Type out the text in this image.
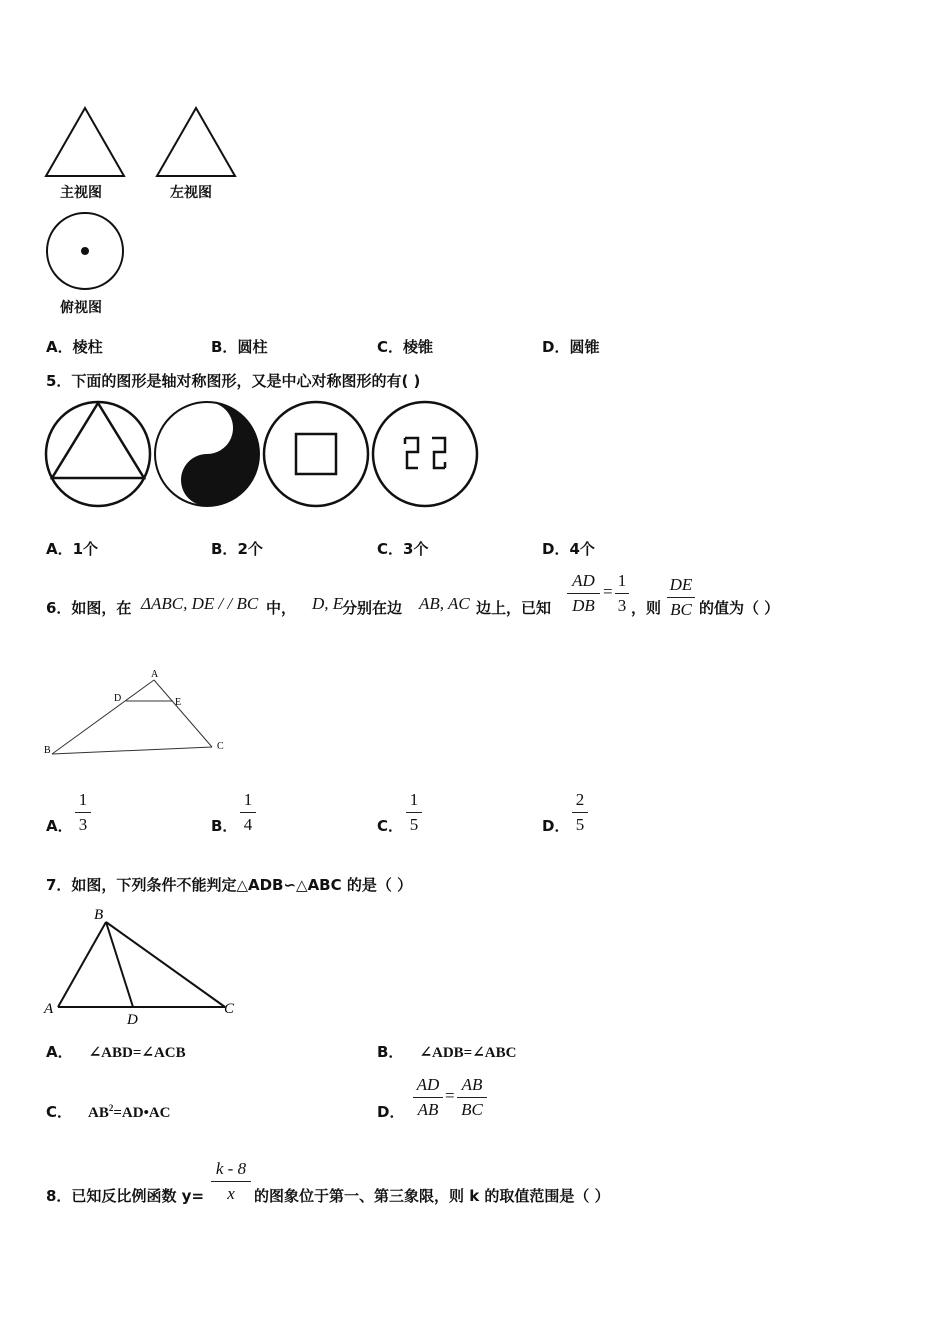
主视图	左视图
俯视图
A．棱柱	B．圆柱	C．棱锥	D．圆锥
5．下面的图形是轴对称图形，又是中心对称图形的有( )
A．1个	B．2个	C．3个	D．4个
6．如图，在 ΔABC, DE / / BC 中， D, E
分别在边 AB, AC 边上，已知
AD
DB
=
1
3 ，则
DE
BC 的值为（ ）
A
D	E
B	C
A．
1
3	B．
1
4	C．
1
5	D．
2
5
7．如图，下列条件不能判定△ADB∽△ABC 的是（ ）
B
A
D
C
A． ∠ABD=∠ACB	B． ∠ADB=∠ABC
C． $AB^2=AD•AC$	D．
AD
AB
=
AB
BC
8．已知反比例函数 y=
k - 8
x	的图象位于第一、第三象限，则 k 的取值范围是（ ）
